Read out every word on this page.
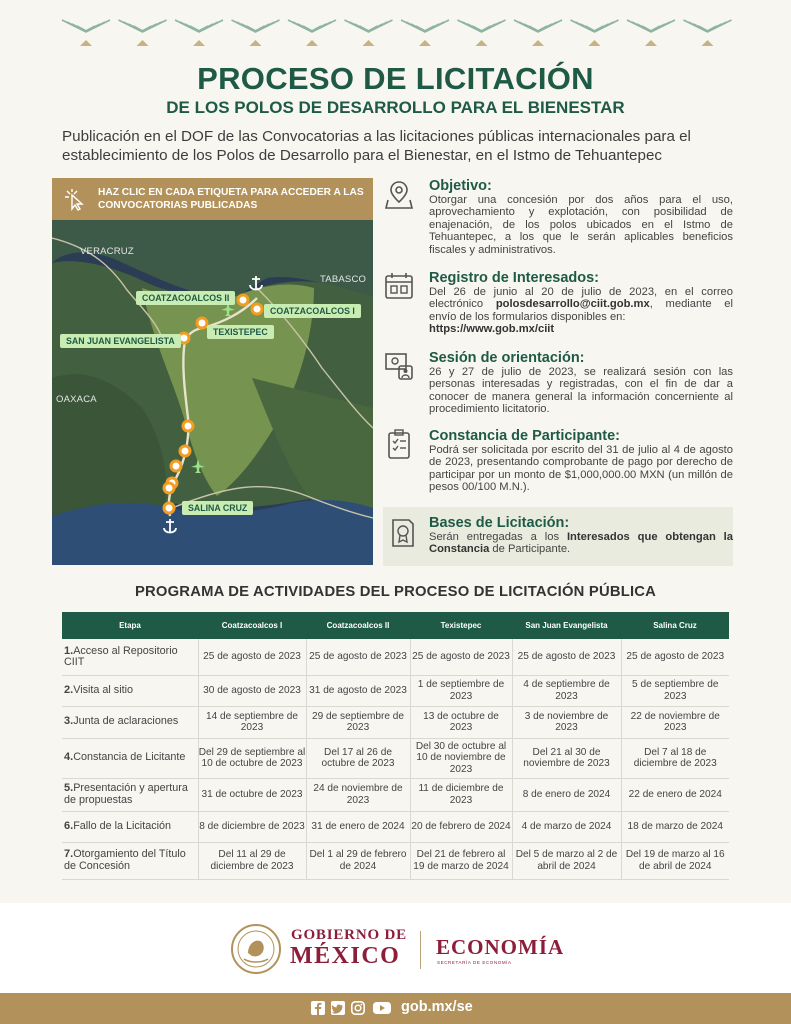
PROCESO DE LICITACIÓN
DE LOS POLOS DE DESARROLLO PARA EL BIENESTAR
Publicación en el DOF de las Convocatorias a las licitaciones públicas internacionales para el establecimiento de los Polos de Desarrollo para el Bienestar, en el Istmo de Tehuantepec
HAZ CLIC EN CADA ETIQUETA PARA ACCEDER A LAS CONVOCATORIAS PUBLICADAS
VERACRUZ
TABASCO
OAXACA
COATZACOALCOS II
COATZACOALCOS I
TEXISTEPEC
SAN JUAN EVANGELISTA
SALINA CRUZ
Objetivo:

Otorgar una concesión por dos años para el uso, aprovechamiento y explotación, con posibilidad de enajenación, de los polos ubicados en el Istmo de Tehuantepec, a los que le serán aplicables beneficios fiscales y administrativos.

Registro de Interesados:

Del 26 de junio al 20 de julio de 2023, en el correo electrónico polosdesarrollo@ciit.gob.mx, mediante el envío de los formularios disponibles en:
https://www.gob.mx/ciit

Sesión de orientación:

26 y 27 de julio de 2023, se realizará sesión con las personas interesadas y registradas, con el fin de dar a conocer de manera general la información concerniente al procedimiento licitatorio.

Constancia de Participante:

Podrá ser solicitada por escrito del 31 de julio al 4 de agosto de 2023, presentando comprobante de pago por derecho de participar por un monto de $1,000,000.00 MXN (un millón de pesos 00/100 M.N.).

Bases de Licitación:

Serán entregadas a los Interesados que obtengan la Constancia de Participante.

PROGRAMA DE ACTIVIDADES DEL PROCESO DE LICITACIÓN PÚBLICA
Etapa	Coatzacoalcos I	Coatzacoalcos II	Texistepec	San Juan Evangelista	Salina Cruz
1.Acceso al Repositorio CIIT	25 de agosto de 2023	25 de agosto de 2023	25 de agosto de 2023	25 de agosto de 2023	25 de agosto de 2023
2.Visita al sitio	30 de agosto de 2023	31 de agosto de 2023	1 de septiembre de 2023	4 de septiembre de 2023	5 de septiembre de 2023
3.Junta de aclaraciones	14 de septiembre de 2023	29 de septiembre de 2023	13 de octubre de 2023	3 de noviembre de 2023	22 de noviembre de 2023
4.Constancia de Licitante	Del 29 de septiembre al 10 de octubre de 2023	Del 17 al 26 de octubre de 2023	Del 30 de octubre al 10 de noviembre de 2023	Del 21 al 30 de noviembre de 2023	Del 7 al 18 de diciembre de 2023
5.Presentación y apertura de propuestas	31 de octubre de 2023	24 de noviembre de 2023	11 de diciembre de 2023	8 de enero de 2024	22 de enero de 2024
6.Fallo de la Licitación	8 de diciembre de 2023	31 de enero de 2024	20 de febrero de 2024	4 de marzo de 2024	18 de marzo de 2024
7.Otorgamiento del Título de Concesión	Del 11 al 29 de diciembre de 2023	Del 1 al 29 de febrero de 2024	Del 21 de febrero al 19 de marzo de 2024	Del 5 de marzo al 2 de abril de 2024	Del 19 de marzo al 16 de abril de 2024
GOBIERNO DE
MÉXICO ECONOMÍA
SECRETARÍA DE ECONOMÍA
gob.mx/se
